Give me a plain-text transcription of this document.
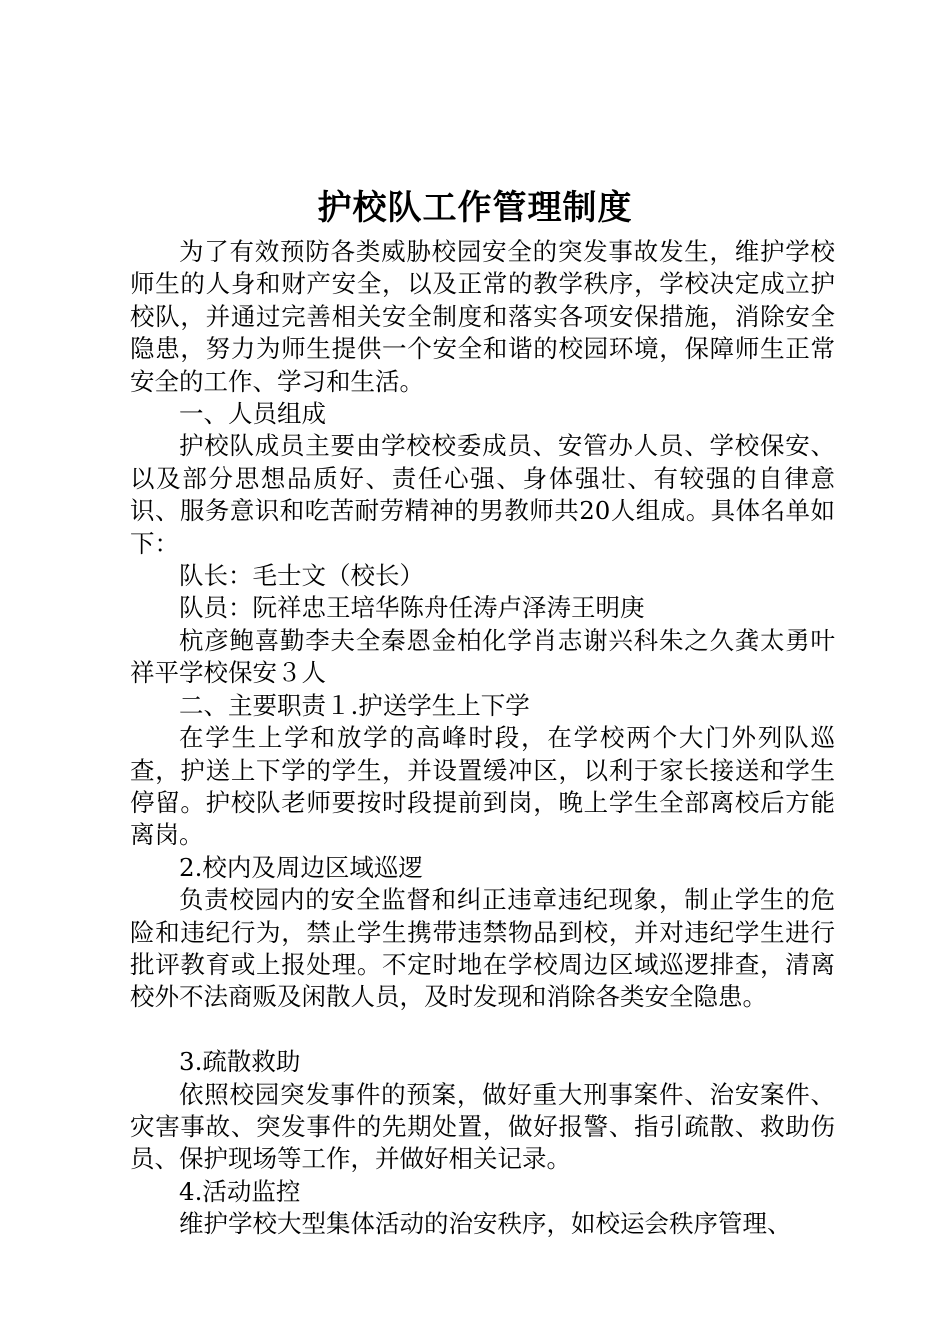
护校队工作管理制度

为了有效预防各类威胁校园安全的突发事故发生，维护学校师生的人身和财产安全，以及正常的教学秩序，学校决定成立护校队，并通过完善相关安全制度和落实各项安保措施，消除安全隐患，努力为师生提供一个安全和谐的校园环境，保障师生正常安全的工作、学习和生活。

一、人员组成

护校队成员主要由学校校委成员、安管办人员、学校保安、以及部分思想品质好、责任心强、身体强壮、有较强的自律意识、服务意识和吃苦耐劳精神的男教师共20人组成。具体名单如下：

队长：毛士文（校长）

队员：阮祥忠王培华陈舟任涛卢泽涛王明庚

杭彦鲍喜勤李夫全秦恩金柏化学肖志谢兴科朱之久龚太勇叶祥平学校保安３人

二、主要职责１.护送学生上下学

在学生上学和放学的高峰时段，在学校两个大门外列队巡查，护送上下学的学生，并设置缓冲区，以利于家长接送和学生停留。护校队老师要按时段提前到岗，晚上学生全部离校后方能离岗。

2.校内及周边区域巡逻

负责校园内的安全监督和纠正违章违纪现象，制止学生的危险和违纪行为，禁止学生携带违禁物品到校，并对违纪学生进行批评教育或上报处理。不定时地在学校周边区域巡逻排查，清离校外不法商贩及闲散人员，及时发现和消除各类安全隐患。

3.疏散救助

依照校园突发事件的预案，做好重大刑事案件、治安案件、灾害事故、突发事件的先期处置，做好报警、指引疏散、救助伤员、保护现场等工作，并做好相关记录。

4.活动监控

维护学校大型集体活动的治安秩序，如校运会秩序管理、
